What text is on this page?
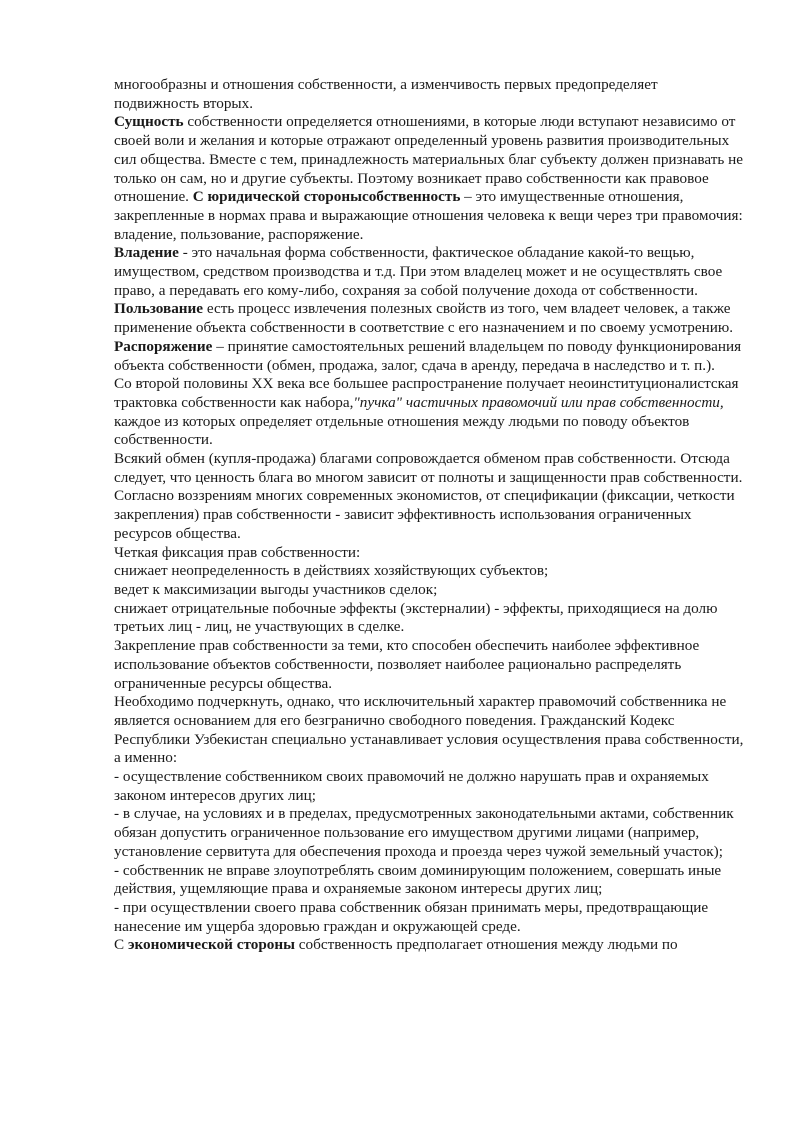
многообразны и отношения собственности, а изменчивость первых предопределяет подвижность вторых.

Сущность собственности определяется отношениями, в которые люди вступают независимо от своей воли и желания и которые отражают определенный уровень развития производительных сил общества. Вместе с тем, принадлежность материальных благ субъекту должен признавать не только он сам, но и другие субъекты. Поэтому возникает право собственности как правовое отношение. С юридической стороныcобственность – это имущественные отношения, закрепленные в нормах права и выражающие отношения человека к вещи через три правомочия: владение, пользование, распоряжение.

Владение - это начальная форма собственности, фактическое обладание какой-то вещью, имуществом, средством производства и т.д. При этом владелец может и не осуществлять свое право, а передавать его кому-либо, сохраняя за собой получение дохода от собственности.

Пользование есть процесс извлечения полезных свойств из того, чем владеет человек, а также применение объекта собственности в соответствие с его назначением и по своему усмотрению.

Распоряжение – принятие самостоятельных решений владельцем по поводу функционирования объекта собственности (обмен, продажа, залог, сдача в аренду, передача в наследство и т. п.).

Со второй половины XX века все большее распространение получает неоинституционалистская трактовка собственности как набора,"пучка" частичных правомочий или прав собственности, каждое из которых определяет отдельные отношения между людьми по поводу объектов собственности.

Всякий обмен (купля-продажа) благами сопровождается обменом прав собственности. Отсюда следует, что ценность блага во многом зависит от полноты и защищенности прав собственности.

Согласно воззрениям многих современных экономистов, от спецификации (фиксации, четкости закрепления) прав собственности - зависит эффективность использования ограниченных ресурсов общества.

Четкая фиксация прав собственности:

снижает неопределенность в действиях хозяйствующих субъектов;

ведет к максимизации выгоды участников сделок;

снижает отрицательные побочные эффекты (экстерналии) - эффекты, приходящиеся на долю третьих лиц - лиц, не участвующих в сделке.

Закрепление прав собственности за теми, кто способен обеспечить наиболее эффективное использование объектов собственности, позволяет наиболее рационально распределять ограниченные ресурсы общества.

Необходимо подчеркнуть, однако, что исключительный характер правомочий собственника не является основанием для его безгранично свободного поведения. Гражданский Кодекс Республики Узбекистан специально устанавливает условия осуществления права собственности, а именно:

- осуществление собственником своих правомочий не должно нарушать прав и охраняемых законом интересов других лиц;

- в случае, на условиях и в пределах, предусмотренных законодательными актами, собственник обязан допустить ограниченное пользование его имуществом другими лицами (например, установление сервитута для обеспечения прохода и проезда через чужой земельный участок);

- собственник не вправе злоупотреблять своим доминирующим положением, совершать иные действия, ущемляющие права и охраняемые законом интересы других лиц;

- при осуществлении своего права собственник обязан принимать меры, предотвращающие нанесение им ущерба здоровью граждан и окружающей среде.

С экономической стороны собственность предполагает отношения между людьми по
